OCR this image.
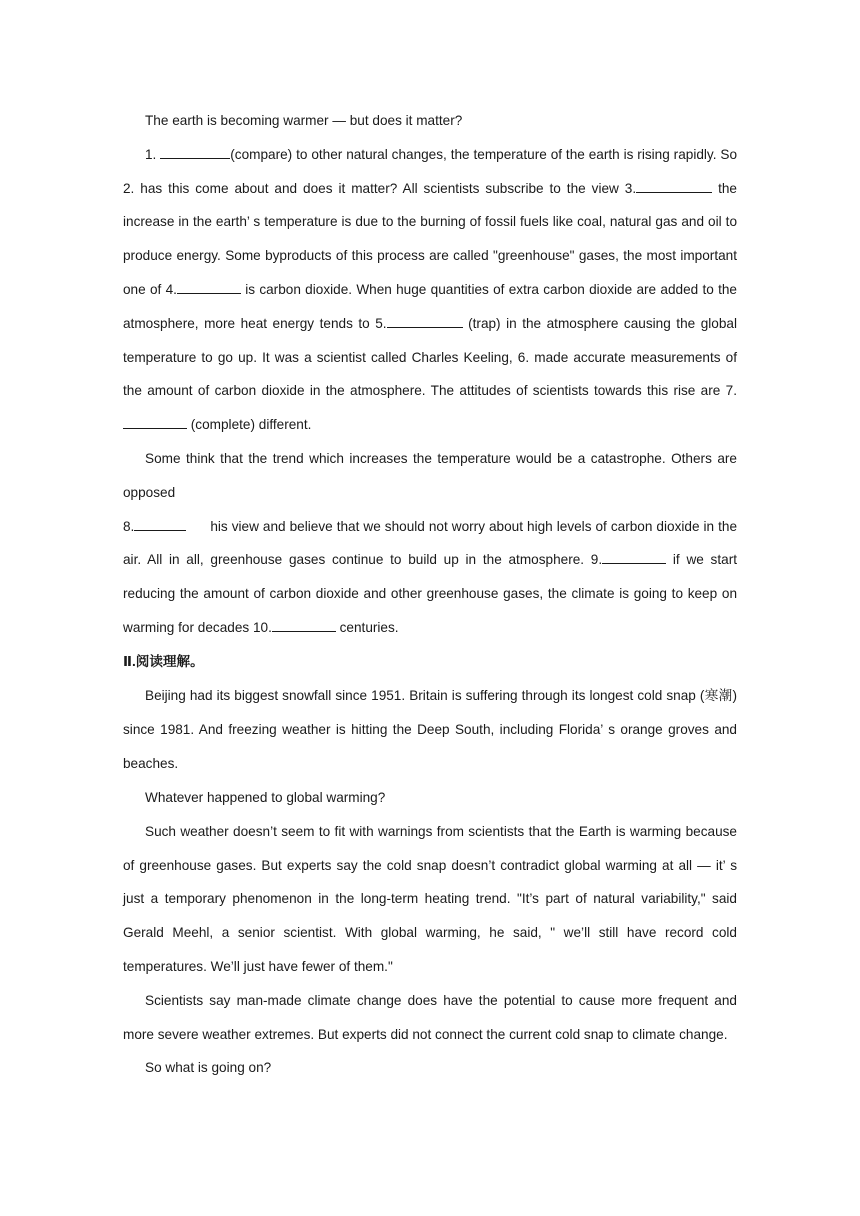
The earth is becoming warmer — but does it matter?

1.	(compare) to other natural changes, the temperature of the earth is rising rapidly. So 2. has this come about and does it matter? All scientists subscribe to the view 3.	the increase in the earth’ s temperature is due to the burning of fossil fuels like coal, natural gas and oil to produce energy. Some byproducts of this process are called "greenhouse" gases, the most important one of 4.	is carbon dioxide. When huge quantities of extra carbon dioxide are added to the atmosphere, more heat energy tends to 5.	(trap) in the atmosphere causing the global temperature to go up. It was a scientist called Charles Keeling, 6. made accurate measurements of the amount of carbon dioxide in the atmosphere. The attitudes of scientists towards this rise are 7. (complete) different.

Some think that the trend which increases the temperature would be a catastrophe. Others are opposed

8.	his view and believe that we should not worry about high levels of carbon dioxide in the air. All in all, greenhouse gases continue to build up in the atmosphere. 9.	if we start reducing the amount of carbon dioxide and other greenhouse gases, the climate is going to keep on warming for decades 10.	centuries.

Ⅱ.阅读理解。

Beijing had its biggest snowfall since 1951. Britain is suffering through its longest cold snap (寒潮) since 1981. And freezing weather is hitting the Deep South, including Florida’ s orange groves and beaches.

Whatever happened to global warming?

Such weather doesn’t seem to fit with warnings from scientists that the Earth is warming because of greenhouse gases. But experts say the cold snap doesn’t contradict global warming at all — it’ s just a temporary phenomenon in the long-term heating trend. "It’s part of natural variability," said Gerald Meehl, a senior scientist. With global warming, he said, " we’ll still have record cold temperatures. We’ll just have fewer of them."

Scientists say man-made climate change does have the potential to cause more frequent and more severe weather extremes. But experts did not connect the current cold snap to climate change.

So what is going on?
